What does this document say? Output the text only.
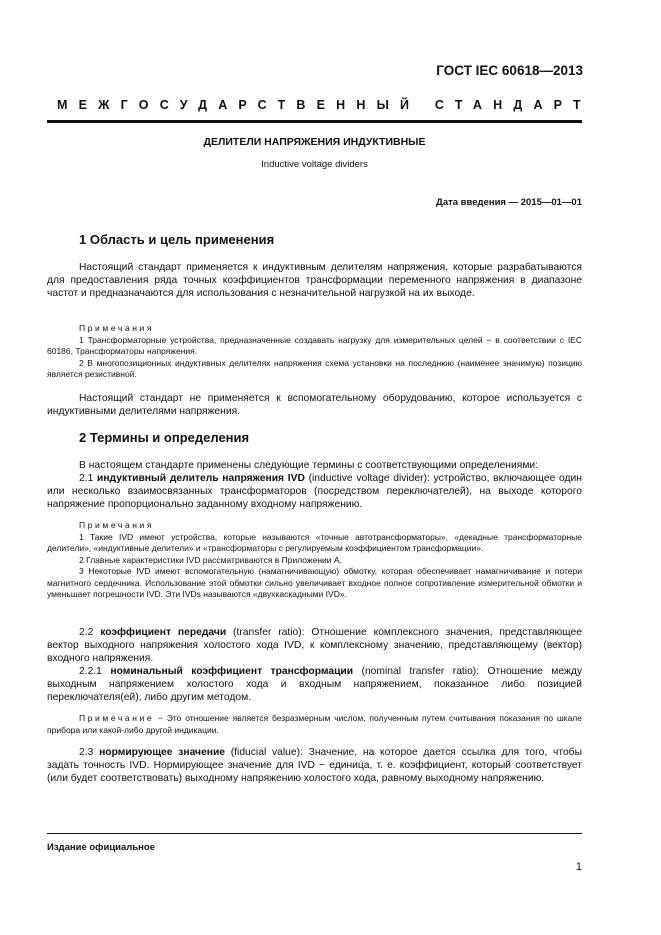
ГОСТ IEC 60618—2013
МЕЖГОСУДАРСТВЕННЫЙ СТАНДАРТ
ДЕЛИТЕЛИ НАПРЯЖЕНИЯ ИНДУКТИВНЫЕ
Inductive voltage dividers
Дата введения — 2015—01—01
1 Область и цель применения

Настоящий стандарт применяется к индуктивным делителям напряжения, которые разрабатываются для предоставления ряда точных коэффициентов трансформации переменного напряжения в диапазоне частот и предназначаются для использования с незначительной нагрузкой на их выходе.

Примечания

1 Трансформаторные устройства, предназначенные создавать нагрузку для измерительных целей − в соответствии с IEC 60186, Трансформаторы напряжения.

2 В многопозиционных индуктивных делителях напряжения схема установки на последнюю (наименее значимую) позицию является резистивной.

Настоящий стандарт не применяется к вспомогательному оборудованию, которое используется с индуктивными делителями напряжения.

2 Термины и определения

В настоящем стандарте применены следующие термины с соответствующими определениями:

2.1 индуктивный делитель напряжения IVD (inductive voltage divider): устройство, включающее один или несколько взаимосвязанных трансформаторов (посредством переключателей), на выходе которого напряжение пропорционально заданному входному напряжению.

Примечания

1 Такие IVD имеют устройства, которые называются «точные автотрансформаторы», «декадные трансформаторные делители», «индуктивные делители» и «трансформаторы с регулируемым коэффициентом трансформации».

2 Главные характеристики IVD рассматриваются в Приложении А.

3 Некоторые IVD имеют вспомогательную (намагничивающую) обмотку, которая обеспечивает намагничивание и потери магнитного сердечника. Использование этой обмотки сильно увеличивает входное полное сопротивление измерительной обмотки и уменьшает погрешности IVD. Эти IVDs называются «двухкаскадными IVD».

2.2 коэффициент передачи (transfer ratio): Отношение комплексного значения, представляющее вектор выходного напряжения холостого хода IVD, к комплексному значению, представляющему (вектор) входного напряжения.

2.2.1 номинальный коэффициент трансформации (nominal transfer ratio): Отношение между выходным напряжением холостого хода и входным напряжением, показанное либо позицией переключателя(ей), либо другим методом.

Примечание − Это отношение является безразмерным числом, полученным путем считывания показания по шкале прибора или какой-либо другой индикации.

2.3 нормирующее значение (fiducial value): Значение, на которое дается ссылка для того, чтобы задать точность IVD. Нормирующее значение для IVD − единица, т. е. коэффициент, который соответствует (или будет соответствовать) выходному напряжению холостого хода, равному выходному напряжению.

Издание официальное
1
